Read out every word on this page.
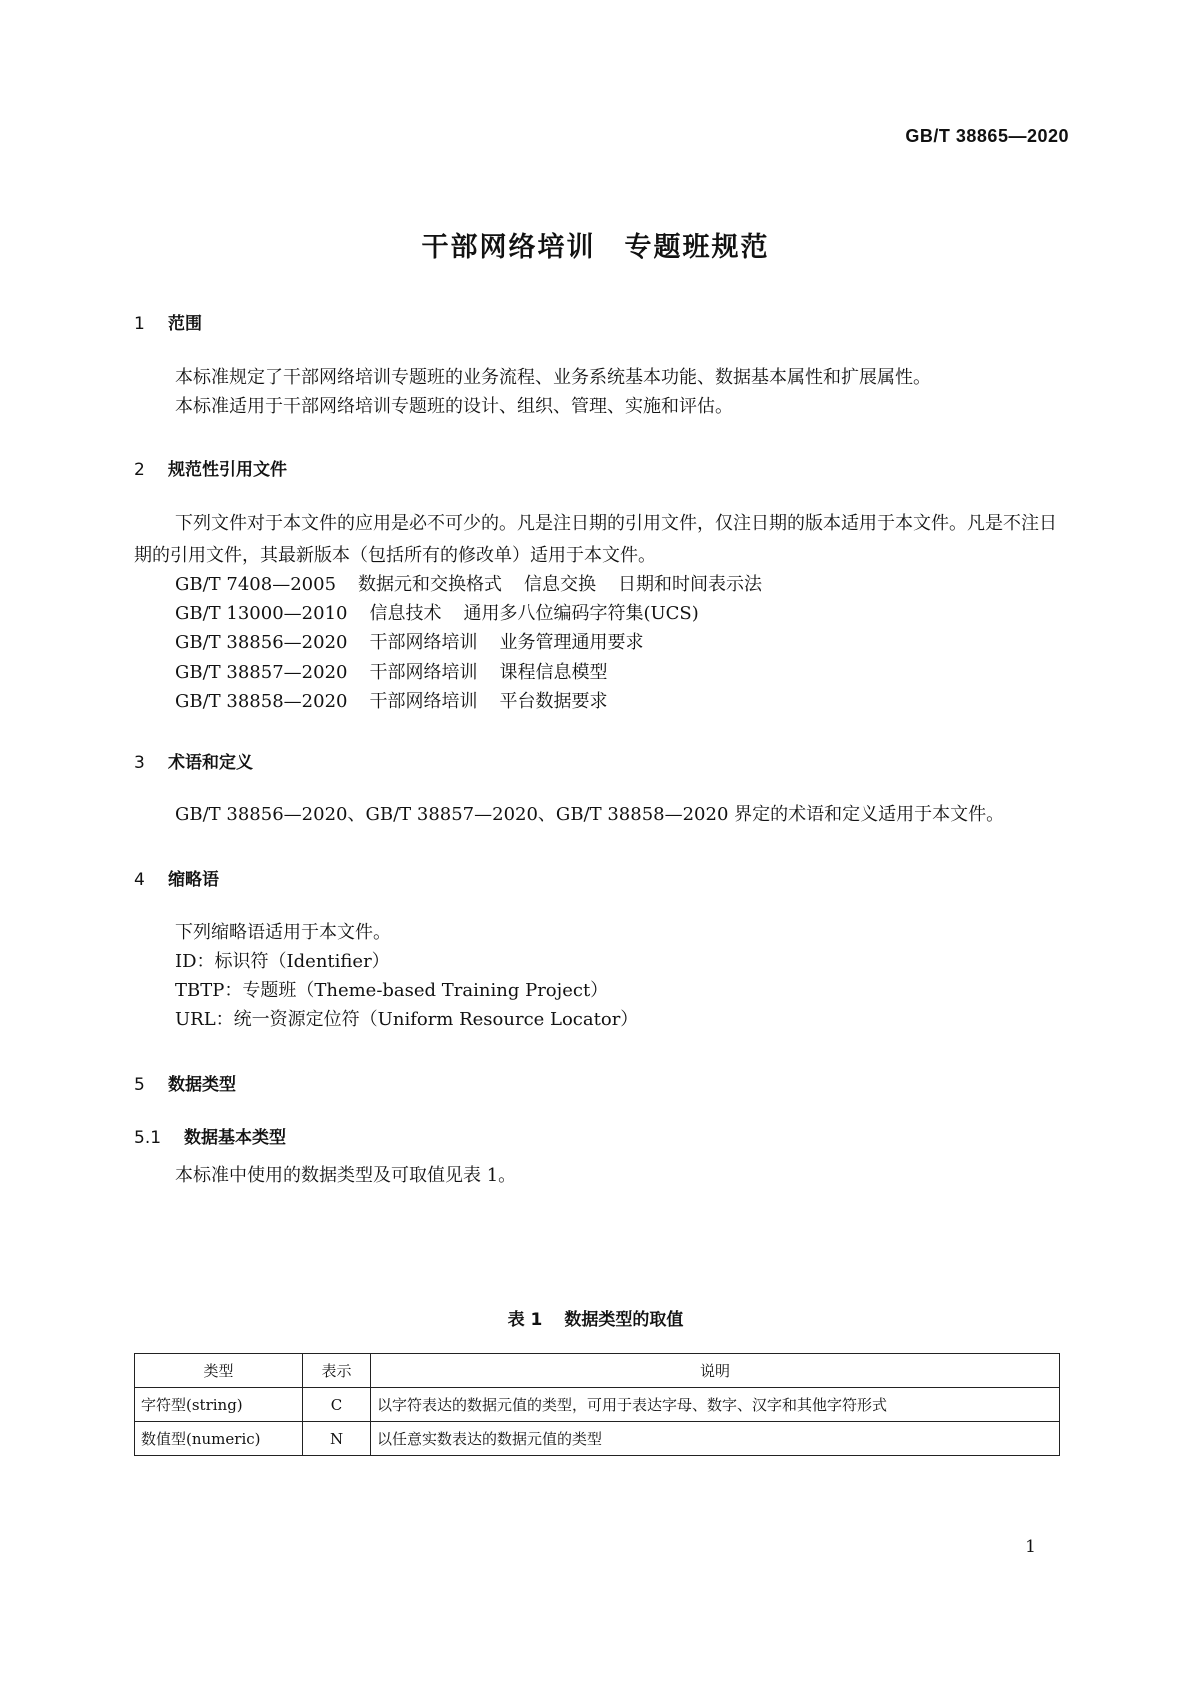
GB/T 38865—2020
干部网络培训　专题班规范
1 范围
本标准规定了干部网络培训专题班的业务流程、业务系统基本功能、数据基本属性和扩展属性。
本标准适用于干部网络培训专题班的设计、组织、管理、实施和评估。
2 规范性引用文件
下列文件对于本文件的应用是必不可少的。凡是注日期的引用文件，仅注日期的版本适用于本文件。凡是不注日期的引用文件，其最新版本（包括所有的修改单）适用于本文件。
GB/T 7408—2005 数据元和交换格式 信息交换 日期和时间表示法
GB/T 13000—2010 信息技术 通用多八位编码字符集(UCS)
GB/T 38856—2020 干部网络培训 业务管理通用要求
GB/T 38857—2020 干部网络培训 课程信息模型
GB/T 38858—2020 干部网络培训 平台数据要求
3 术语和定义
GB/T 38856—2020、GB/T 38857—2020、GB/T 38858—2020 界定的术语和定义适用于本文件。
4 缩略语
下列缩略语适用于本文件。
ID：标识符（Identifier）
TBTP：专题班（Theme-based Training Project）
URL：统一资源定位符（Uniform Resource Locator）
5 数据类型
5.1 数据基本类型
本标准中使用的数据类型及可取值见表 1。
表 1 数据类型的取值
类型	表示	说明
字符型(string)	C	以字符表达的数据元值的类型，可用于表达字母、数字、汉字和其他字符形式
数值型(numeric)	N	以任意实数表达的数据元值的类型
1
